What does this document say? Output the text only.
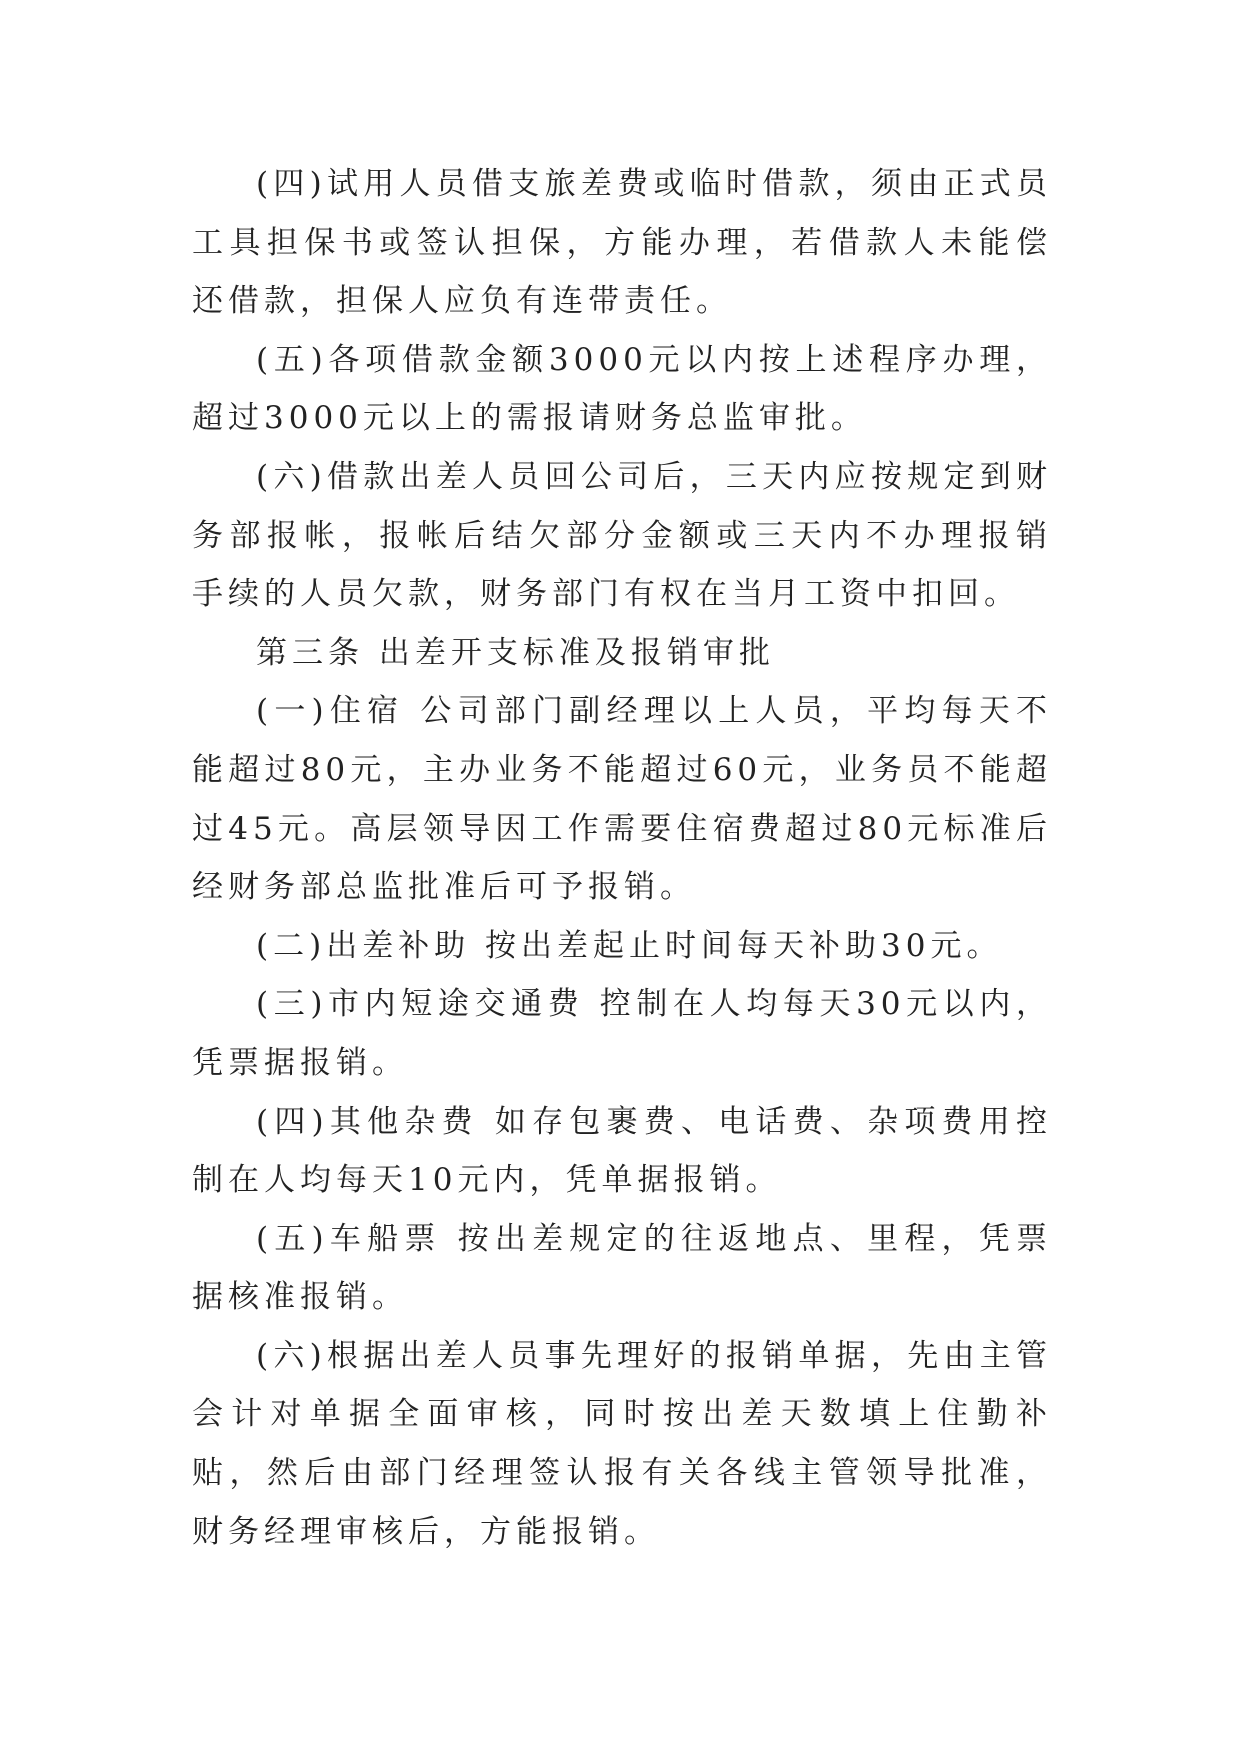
(四)试用人员借支旅差费或临时借款，须由正式员工具担保书或签认担保，方能办理，若借款人未能偿还借款，担保人应负有连带责任。

(五)各项借款金额3000元以内按上述程序办理，超过3000元以上的需报请财务总监审批。

(六)借款出差人员回公司后，三天内应按规定到财务部报帐，报帐后结欠部分金额或三天内不办理报销手续的人员欠款，财务部门有权在当月工资中扣回。

第三条 出差开支标准及报销审批

(一)住宿 公司部门副经理以上人员，平均每天不能超过80元，主办业务不能超过60元，业务员不能超过45元。高层领导因工作需要住宿费超过80元标准后经财务部总监批准后可予报销。

(二)出差补助 按出差起止时间每天补助30元。

(三)市内短途交通费 控制在人均每天30元以内，凭票据报销。

(四)其他杂费 如存包裹费、电话费、杂项费用控制在人均每天10元内，凭单据报销。

(五)车船票 按出差规定的往返地点、里程，凭票据核准报销。

(六)根据出差人员事先理好的报销单据，先由主管会计对单据全面审核，同时按出差天数填上住勤补贴，然后由部门经理签认报有关各线主管领导批准，财务经理审核后，方能报销。
